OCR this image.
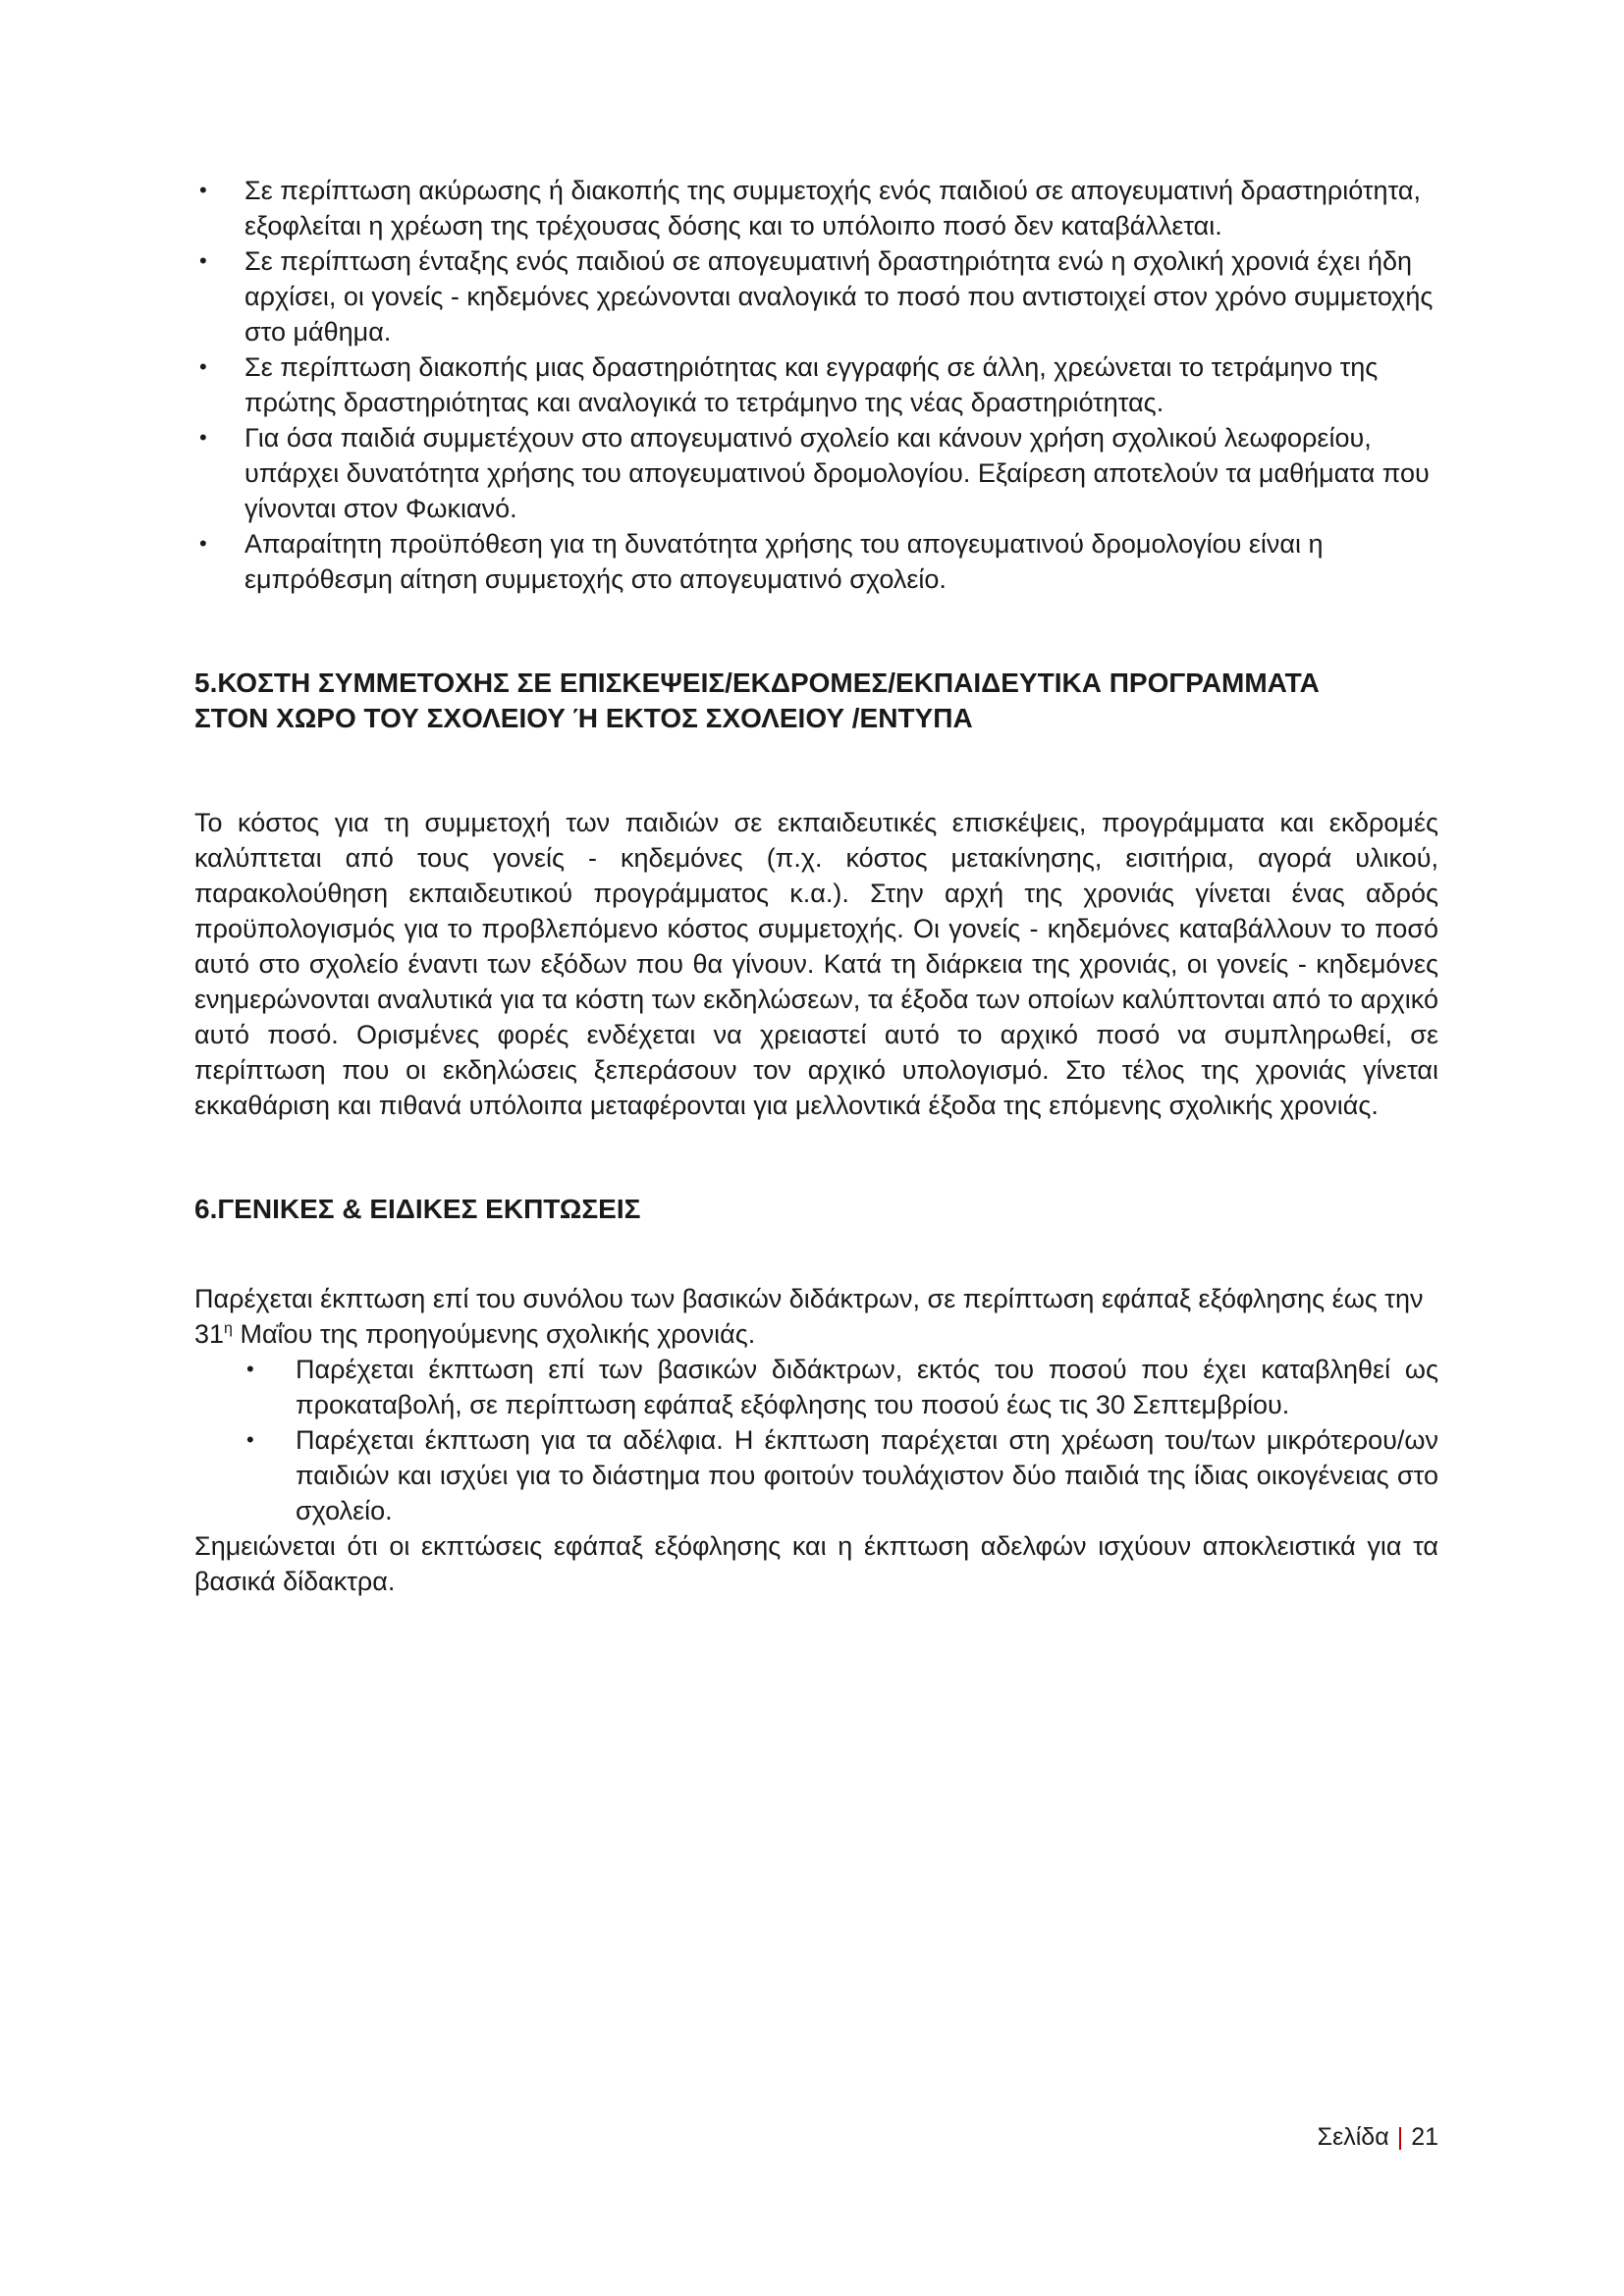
• Σε περίπτωση ακύρωσης ή διακοπής της συμμετοχής ενός παιδιού σε απογευματινή δραστηριότητα, εξοφλείται η χρέωση της τρέχουσας δόσης και το υπόλοιπο ποσό δεν καταβάλλεται.
• Σε περίπτωση ένταξης ενός παιδιού σε απογευματινή δραστηριότητα ενώ η σχολική χρονιά έχει ήδη αρχίσει, οι γονείς - κηδεμόνες χρεώνονται αναλογικά το ποσό που αντιστοιχεί στον χρόνο συμμετοχής στο μάθημα.
• Σε περίπτωση διακοπής μιας δραστηριότητας και εγγραφής σε άλλη, χρεώνεται το τετράμηνο της πρώτης δραστηριότητας και αναλογικά το τετράμηνο της νέας δραστηριότητας.
• Για όσα παιδιά συμμετέχουν στο απογευματινό σχολείο και κάνουν χρήση σχολικού λεωφορείου, υπάρχει δυνατότητα χρήσης του απογευματινού δρομολογίου. Εξαίρεση αποτελούν τα μαθήματα που γίνονται στον Φωκιανό.
• Απαραίτητη προϋπόθεση για τη δυνατότητα χρήσης του απογευματινού δρομολογίου είναι η εμπρόθεσμη αίτηση συμμετοχής στο απογευματινό σχολείο.
5.ΚΟΣΤΗ ΣΥΜΜΕΤΟΧΗΣ ΣΕ ΕΠΙΣΚΕΨΕΙΣ/ΕΚΔΡΟΜΕΣ/ΕΚΠΑΙΔΕΥΤΙΚΑ ΠΡΟΓΡΑΜΜΑΤΑ
ΣΤΟΝ ΧΩΡΟ ΤΟΥ ΣΧΟΛΕΙΟΥ Ή ΕΚΤΟΣ ΣΧΟΛΕΙΟΥ /ΕΝΤΥΠΑ

Το κόστος για τη συμμετοχή των παιδιών σε εκπαιδευτικές επισκέψεις, προγράμματα και εκδρομές καλύπτεται από τους γονείς - κηδεμόνες (π.χ. κόστος μετακίνησης, εισιτήρια, αγορά υλικού, παρακολούθηση εκπαιδευτικού προγράμματος κ.α.). Στην αρχή της χρονιάς γίνεται ένας αδρός προϋπολογισμός για το προβλεπόμενο κόστος συμμετοχής. Οι γονείς - κηδεμόνες καταβάλλουν το ποσό αυτό στο σχολείο έναντι των εξόδων που θα γίνουν. Κατά τη διάρκεια της χρονιάς, οι γονείς - κηδεμόνες ενημερώνονται αναλυτικά για τα κόστη των εκδηλώσεων, τα έξοδα των οποίων καλύπτονται από το αρχικό αυτό ποσό. Ορισμένες φορές ενδέχεται να χρειαστεί αυτό το αρχικό ποσό να συμπληρωθεί, σε περίπτωση που οι εκδηλώσεις ξεπεράσουν τον αρχικό υπολογισμό. Στο τέλος της χρονιάς γίνεται εκκαθάριση και πιθανά υπόλοιπα μεταφέρονται για μελλοντικά έξοδα της επόμενης σχολικής χρονιάς.

6.ΓΕΝΙΚΕΣ & ΕΙΔΙΚΕΣ ΕΚΠΤΩΣΕΙΣ

Παρέχεται έκπτωση επί του συνόλου των βασικών διδάκτρων, σε περίπτωση εφάπαξ εξόφλησης έως την $31^\eta$ Μαΐου της προηγούμενης σχολικής χρονιάς.

• Παρέχεται έκπτωση επί των βασικών διδάκτρων, εκτός του ποσού που έχει καταβληθεί ως προκαταβολή, σε περίπτωση εφάπαξ εξόφλησης του ποσού έως τις 30 Σεπτεμβρίου.
• Παρέχεται έκπτωση για τα αδέλφια. Η έκπτωση παρέχεται στη χρέωση του/των μικρότερου/ων παιδιών και ισχύει για το διάστημα που φοιτούν τουλάχιστον δύο παιδιά της ίδιας οικογένειας στο σχολείο.

Σημειώνεται ότι οι εκπτώσεις εφάπαξ εξόφλησης και η έκπτωση αδελφών ισχύουν αποκλειστικά για τα βασικά δίδακτρα.

Σελίδα | 21
